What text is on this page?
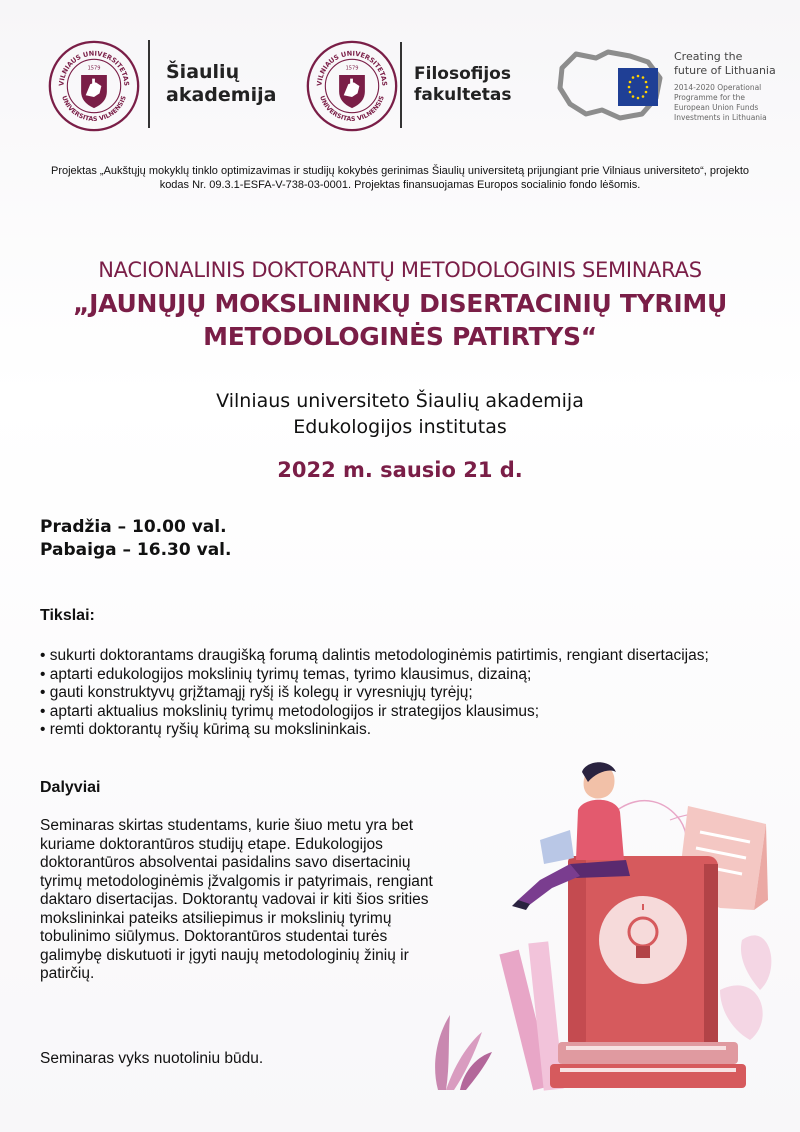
VILNIAUS UNIVERSITETAS
UNIVERSITAS VILNENSIS
1579	Šiaulių
akademija
VILNIAUS UNIVERSITETAS
UNIVERSITAS VILNENSIS
1579	Filosofijos
fakultetas
Creating the
future of Lithuania
2014-2020 Operational
Programme for the
European Union Funds
Investments in Lithuania
Projektas „Aukštųjų mokyklų tinklo optimizavimas ir studijų kokybės gerinimas Šiaulių universitetą prijungiant prie Vilniaus universiteto“, projekto kodas Nr. 09.3.1-ESFA-V-738-03-0001. Projektas finansuojamas Europos socialinio fondo lėšomis.
NACIONALINIS DOKTORANTŲ METODOLOGINIS SEMINARAS
„JAUNŲJŲ MOKSLININKŲ DISERTACINIŲ TYRIMŲ
METODOLOGINĖS PATIRTYS“
Vilniaus universiteto Šiaulių akademija
Edukologijos institutas
2022 m. sausio 21 d.
Pradžia – 10.00 val.
Pabaiga – 16.30 val.
Tikslai:
• sukurti doktorantams draugišką forumą dalintis metodologinėmis patirtimis, rengiant disertacijas;
• aptarti edukologijos mokslinių tyrimų temas, tyrimo klausimus, dizainą;
• gauti konstruktyvų grįžtamąjį ryšį iš kolegų ir vyresniųjų tyrėjų;
• aptarti aktualius mokslinių tyrimų metodologijos ir strategijos klausimus;
• remti doktorantų ryšių kūrimą su mokslininkais.
Dalyviai
Seminaras skirtas studentams, kurie šiuo metu yra bet kuriame doktorantūros studijų etape. Edukologijos doktorantūros absolventai pasidalins savo disertacinių tyrimų metodologinėmis įžvalgomis ir patyrimais, rengiant daktaro disertacijas. Doktorantų vadovai ir kiti šios srities mokslininkai pateiks atsiliepimus ir mokslinių tyrimų tobulinimo siūlymus. Doktorantūros studentai turės galimybę diskutuoti ir įgyti naujų metodologinių žinių ir patirčių.
Seminaras vyks nuotoliniu būdu.
